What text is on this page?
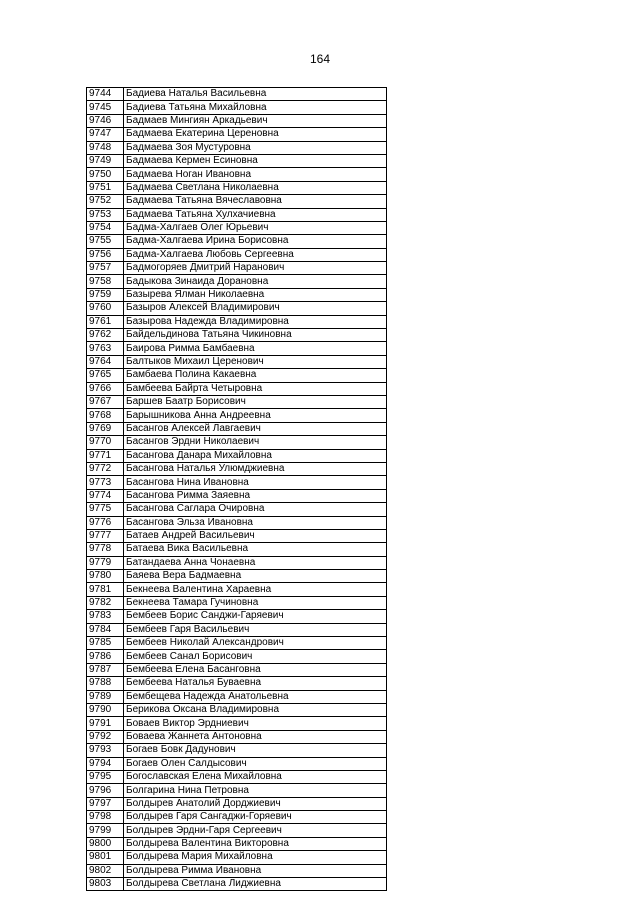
164
9744	Бадиева Наталья Васильевна
9745	Бадиева Татьяна Михайловна
9746	Бадмаев Мингиян Аркадьевич
9747	Бадмаева Екатерина Цереновна
9748	Бадмаева Зоя Мустуровна
9749	Бадмаева Кермен Есиновна
9750	Бадмаева Ноган Ивановна
9751	Бадмаева Светлана Николаевна
9752	Бадмаева Татьяна Вячеславовна
9753	Бадмаева Татьяна Хулхачиевна
9754	Бадма-Халгаев Олег Юрьевич
9755	Бадма-Халгаева Ирина Борисовна
9756	Бадма-Халгаева Любовь Сергеевна
9757	Бадмогоряев Дмитрий Наранович
9758	Бадыкова Зинаида Дорановна
9759	Базырева Ялман Николаевна
9760	Базыров Алексей Владимирович
9761	Базырова Надежда Владимировна
9762	Байдельдинова Татьяна Чикиновна
9763	Баирова Римма Бамбаевна
9764	Балтыков Михаил Церенович
9765	Бамбаева Полина Какаевна
9766	Бамбеева Байрта Четыровна
9767	Баршев Баатр Борисович
9768	Барышникова Анна Андреевна
9769	Басангов Алексей Лавгаевич
9770	Басангов Эрдни Николаевич
9771	Басангова Данара Михайловна
9772	Басангова Наталья Улюмджиевна
9773	Басангова Нина Ивановна
9774	Басангова Римма Заяевна
9775	Басангова Саглара Очировна
9776	Басангова Эльза Ивановна
9777	Батаев Андрей Васильевич
9778	Батаева Вика Васильевна
9779	Батандаева Анна Чонаевна
9780	Баяева Вера Бадмаевна
9781	Бекнеева Валентина Хараевна
9782	Бекнеева Тамара Гучиновна
9783	Бембеев Борис Санджи-Гаряевич
9784	Бембеев Гаря Васильевич
9785	Бембеев Николай Александрович
9786	Бембеев Санал Борисович
9787	Бембеева Елена Басанговна
9788	Бембеева Наталья Буваевна
9789	Бембещева Надежда Анатольевна
9790	Берикова Оксана Владимировна
9791	Боваев Виктор Эрдниевич
9792	Боваева Жаннета Антоновна
9793	Богаев Бовк Дадунович
9794	Богаев Олен Салдысович
9795	Богославская Елена Михайловна
9796	Болгарина Нина Петровна
9797	Болдырев Анатолий Дорджиевич
9798	Болдырев Гаря Сангаджи-Горяевич
9799	Болдырев Эрдни-Гаря Сергеевич
9800	Болдырева Валентина Викторовна
9801	Болдырева Мария Михайловна
9802	Болдырева Римма Ивановна
9803	Болдырева Светлана Лиджиевна
